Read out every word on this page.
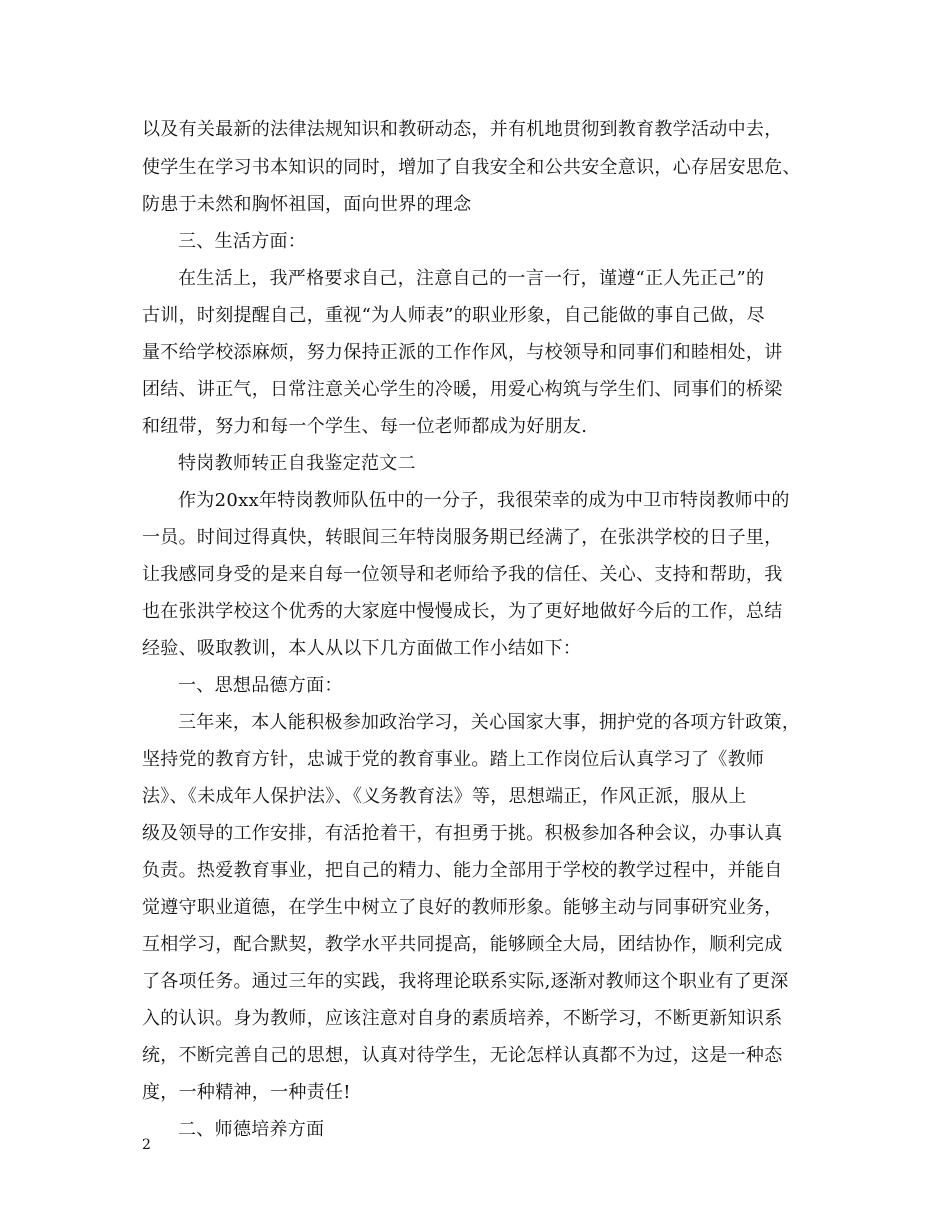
以及有关最新的法律法规知识和教研动态，并有机地贯彻到教育教学活动中去，
使学生在学习书本知识的同时，增加了自我安全和公共安全意识，心存居安思危、
防患于未然和胸怀祖国，面向世界的理念
三、生活方面：
在生活上，我严格要求自己，注意自己的一言一行，谨遵“正人先正己”的
古训，时刻提醒自己，重视“为人师表”的职业形象，自己能做的事自己做，尽
量不给学校添麻烦，努力保持正派的工作作风，与校领导和同事们和睦相处，讲
团结、讲正气，日常注意关心学生的冷暖，用爱心构筑与学生们、同事们的桥梁
和纽带，努力和每一个学生、每一位老师都成为好朋友.
特岗教师转正自我鉴定范文二
作为20xx年特岗教师队伍中的一分子，我很荣幸的成为中卫市特岗教师中的
一员。时间过得真快，转眼间三年特岗服务期已经满了，在张洪学校的日子里，
让我感同身受的是来自每一位领导和老师给予我的信任、关心、支持和帮助，我
也在张洪学校这个优秀的大家庭中慢慢成长，为了更好地做好今后的工作，总结
经验、吸取教训，本人从以下几方面做工作小结如下：
一、思想品德方面：
三年来，本人能积极参加政治学习，关心国家大事，拥护党的各项方针政策，
坚持党的教育方针，忠诚于党的教育事业。踏上工作岗位后认真学习了《教师
法》、《未成年人保护法》、《义务教育法》等，思想端正，作风正派，服从上
级及领导的工作安排，有活抢着干，有担勇于挑。积极参加各种会议，办事认真
负责。热爱教育事业，把自己的精力、能力全部用于学校的教学过程中，并能自
觉遵守职业道德，在学生中树立了良好的教师形象。能够主动与同事研究业务，
互相学习，配合默契，教学水平共同提高，能够顾全大局，团结协作，顺利完成
了各项任务。通过三年的实践，我将理论联系实际,逐渐对教师这个职业有了更深
入的认识。身为教师，应该注意对自身的素质培养，不断学习，不断更新知识系
统，不断完善自己的思想，认真对待学生，无论怎样认真都不为过，这是一种态
度，一种精神，一种责任!
二、师德培养方面
2
